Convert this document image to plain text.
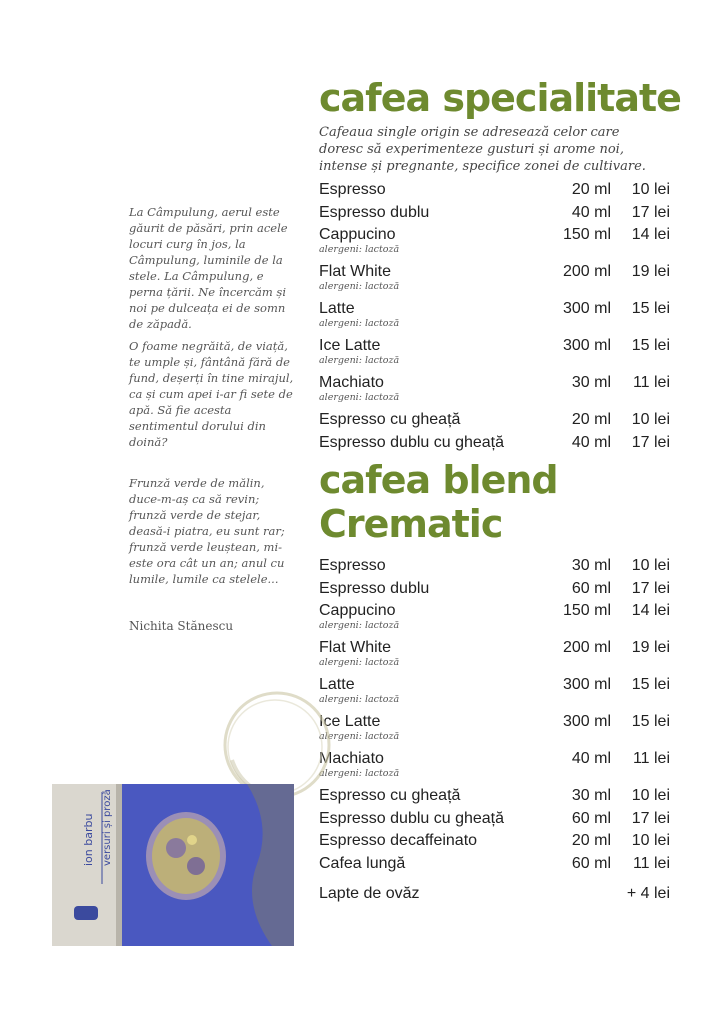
cafea specialitate

Cafeaua single origin se adresează celor care doresc să experimenteze gusturi și arome noi, intense și pregnante, specifice zonei de cultivare.

Espresso	20 ml 10 lei
Espresso dublu	40 ml 17 lei
Cappucino	150 ml 14 lei
alergeni: lactoză
Flat White	200 ml 19 lei
alergeni: lactoză
Latte	300 ml 15 lei
alergeni: lactoză
Ice Latte	300 ml 15 lei
alergeni: lactoză
Machiato	30 ml 11 lei
alergeni: lactoză
Espresso cu gheață	20 ml 10 lei
Espresso dublu cu gheață	40 ml 17 lei
cafea blend
Crematic
Espresso	30 ml 10 lei
Espresso dublu	60 ml 17 lei
Cappucino	150 ml 14 lei
alergeni: lactoză
Flat White	200 ml 19 lei
alergeni: lactoză
Latte	300 ml 15 lei
alergeni: lactoză
Ice Latte	300 ml 15 lei
alergeni: lactoză
Machiato	40 ml 11 lei
alergeni: lactoză
Espresso cu gheață	30 ml 10 lei
Espresso dublu cu gheață	60 ml 17 lei
Espresso decaffeinato	20 ml 10 lei
Cafea lungă	60 ml 11 lei
Lapte de ovăz	+ 4 lei

La Câmpulung, aerul este găurit de păsări, prin acele locuri curg în jos, la Câmpulung, luminile de la stele. La Câmpulung, e perna țării. Ne încercăm și noi pe dulceața ei de somn de zăpadă.

O foame negrăită, de viață, te umple și, fântână fără de fund, deșerți în tine mirajul, ca și cum apei i-ar fi sete de apă. Să fie acesta sentimentul dorului din doină?

Frunză verde de mălin, duce-m-aș ca să revin; frunză verde de stejar, deasă-i piatra, eu sunt rar; frunză verde leuștean, mi-este ora cât un an; anul cu lumile, lumile ca stelele...

Nichita Stănescu

ion barbu versuri și proză
